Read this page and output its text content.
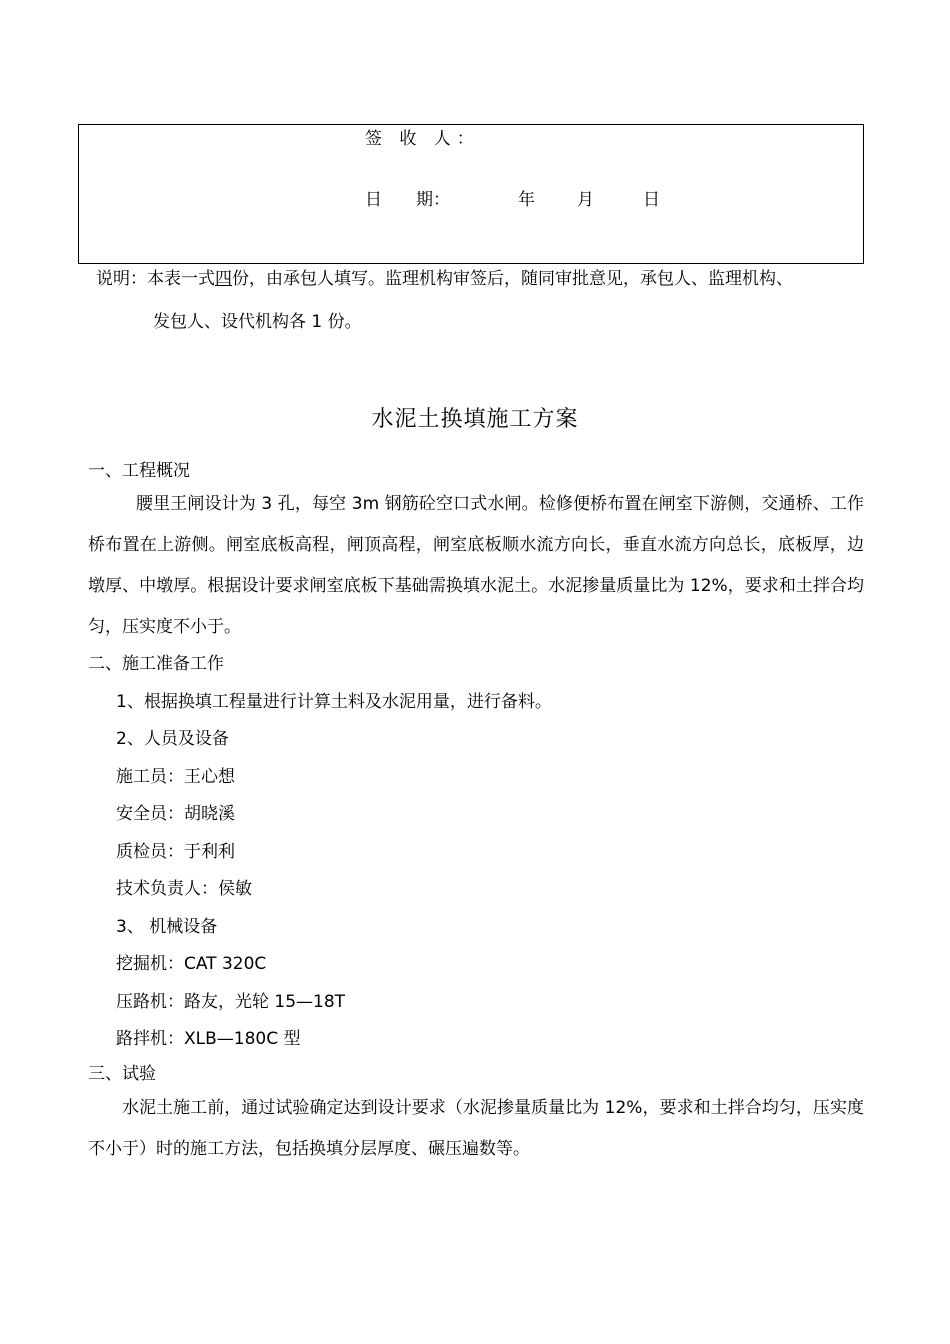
签 收 人：
日　　期：	年 月	日
说明：本表一式四份，由承包人填写。监理机构审签后，随同审批意见，承包人、监理机构、
发包人、设代机构各 1 份。
水泥土换填施工方案
一、工程概况
腰里王闸设计为 3 孔，每空 3m 钢筋砼空口式水闸。检修便桥布置在闸室下游侧，交通桥、工作桥布置在上游侧。闸室底板高程，闸顶高程，闸室底板顺水流方向长，垂直水流方向总长，底板厚，边墩厚、中墩厚。根据设计要求闸室底板下基础需换填水泥土。水泥掺量质量比为 12%，要求和土拌合均匀，压实度不小于。
二、施工准备工作
1、根据换填工程量进行计算土料及水泥用量，进行备料。
2、人员及设备
施工员：王心想
安全员：胡晓溪
质检员：于利利
技术负责人：侯敏
3、 机械设备
挖掘机：CAT 320C
压路机：路友，光轮 15—18T
路拌机：XLB—180C 型
三、试验
水泥土施工前，通过试验确定达到设计要求（水泥掺量质量比为 12%，要求和土拌合均匀，压实度不小于）时的施工方法，包括换填分层厚度、碾压遍数等。
